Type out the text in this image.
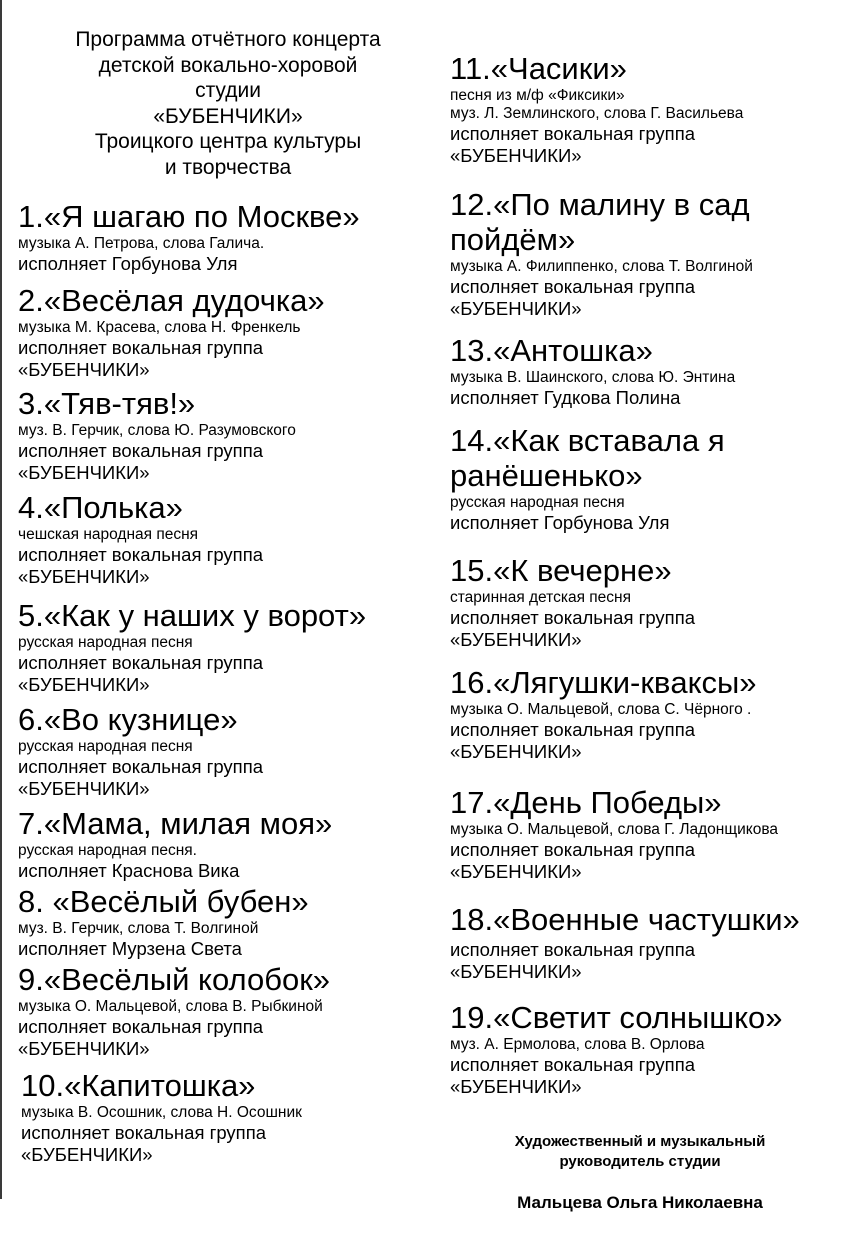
Программа отчётного концерта
детской вокально-хоровой
студии
«БУБЕНЧИКИ»
Троицкого центра культуры
и творчества
1.«Я шагаю по Москве»
музыка А. Петрова, слова Галича.
исполняет Горбунова Уля
2.«Весёлая дудочка»
музыка М. Красева, слова Н. Френкель
исполняет вокальная группа
«БУБЕНЧИКИ»
3.«Тяв-тяв!»
муз. В. Герчик, слова Ю. Разумовского
исполняет вокальная группа
«БУБЕНЧИКИ»
4.«Полька»
чешская народная песня
исполняет вокальная группа
«БУБЕНЧИКИ»
5.«Как у наших у ворот»
русская народная песня
исполняет вокальная группа
«БУБЕНЧИКИ»
6.«Во кузнице»
русская народная песня
исполняет вокальная группа
«БУБЕНЧИКИ»
7.«Мама, милая моя»
русская народная песня.
исполняет Краснова Вика
8. «Весёлый бубен»
муз. В. Герчик, слова Т. Волгиной
исполняет Мурзена Света
9.«Весёлый колобок»
музыка О. Мальцевой, слова В. Рыбкиной
исполняет вокальная группа
«БУБЕНЧИКИ»
10.«Капитошка»
музыка В. Осошник, слова Н. Осошник
исполняет вокальная группа
«БУБЕНЧИКИ»
11.«Часики»
песня из м/ф «Фиксики»
муз. Л. Землинского, слова Г. Васильева
исполняет вокальная группа
«БУБЕНЧИКИ»
12.«По малину в сад
пойдём»
музыка А. Филиппенко, слова Т. Волгиной
исполняет вокальная группа
«БУБЕНЧИКИ»
13.«Антошка»
музыка В. Шаинского, слова Ю. Энтина
исполняет Гудкова Полина
14.«Как вставала я
ранёшенько»
русская народная песня
исполняет Горбунова Уля
15.«К вечерне»
старинная детская песня
исполняет вокальная группа
«БУБЕНЧИКИ»
16.«Лягушки-квaксы»
музыка О. Мальцевой, слова С. Чёрного .
исполняет вокальная группа
«БУБЕНЧИКИ»
17.«День Победы»
музыка О. Мальцевой, слова Г. Ладонщикова
исполняет вокальная группа
«БУБЕНЧИКИ»
18.«Военные частушки»
исполняет вокальная группа
«БУБЕНЧИКИ»
19.«Светит солнышко»
муз. А. Ермолова, слова В. Орлова
исполняет вокальная группа
«БУБЕНЧИКИ»

Художественный и музыкальный
руководитель студии

Мальцева Ольга Николаевна
